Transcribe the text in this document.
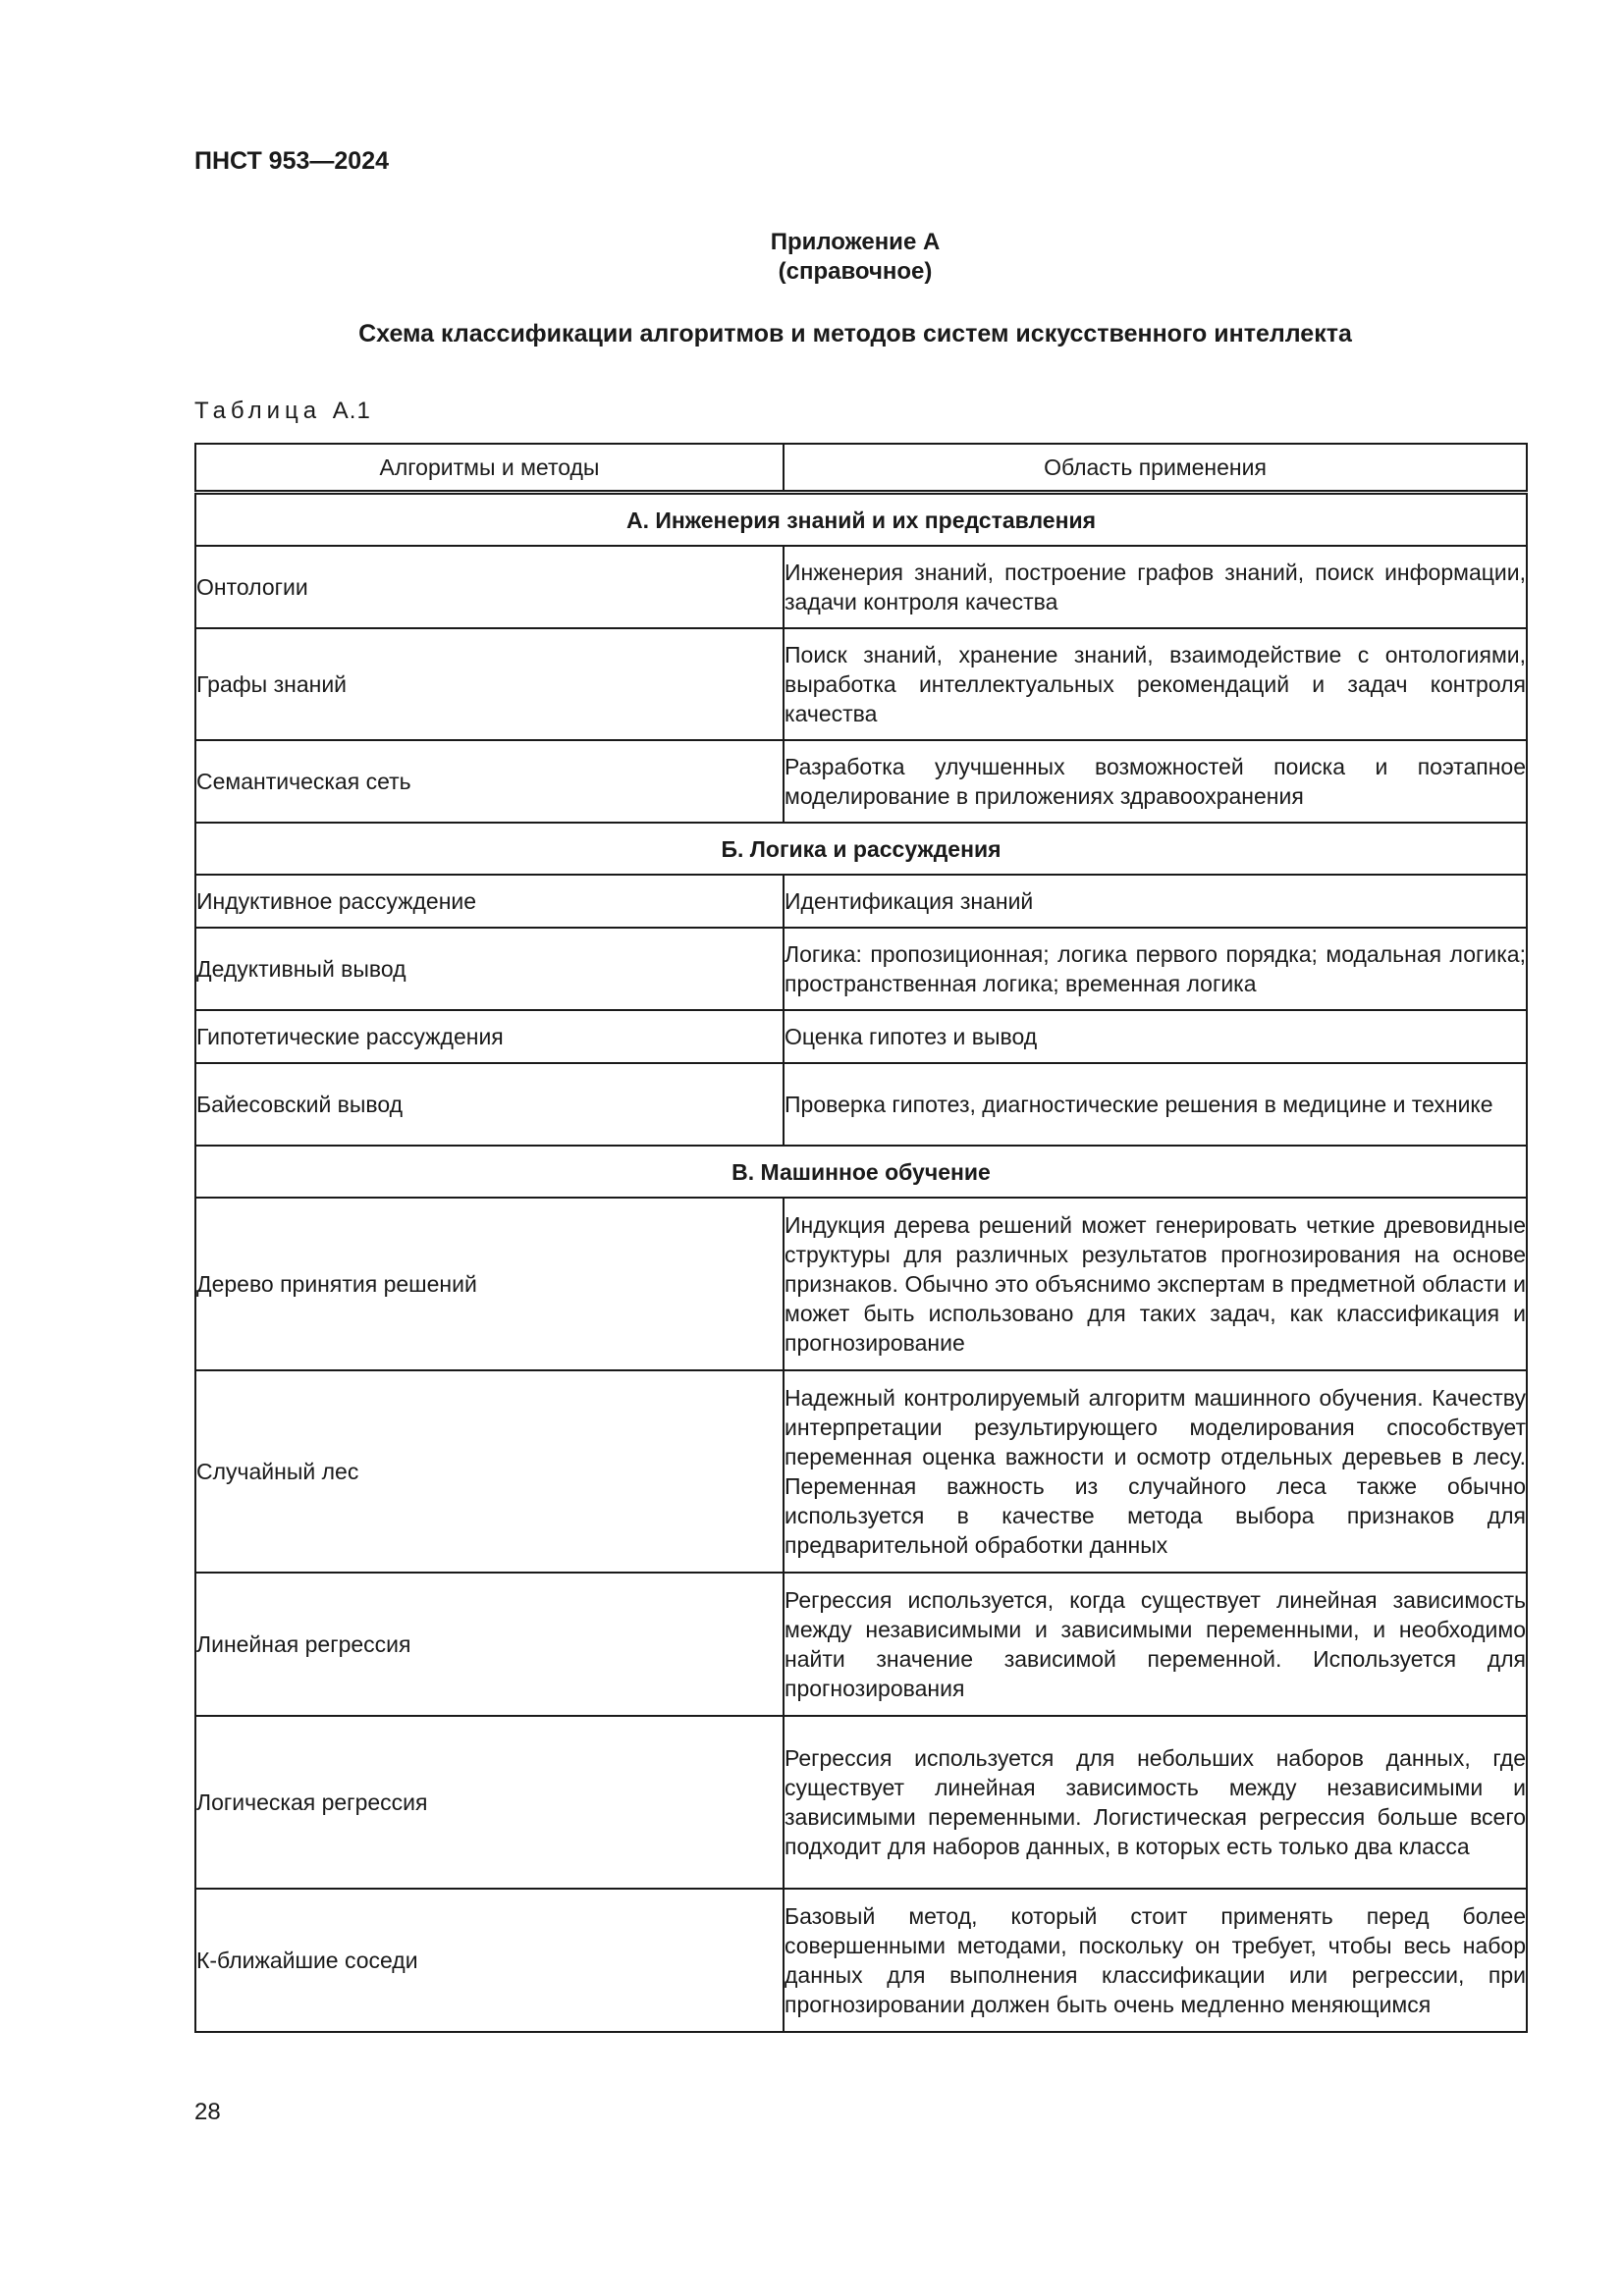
ПНСТ 953—2024
Приложение А
(справочное)
Схема классификации алгоритмов и методов систем искусственного интеллекта
Таблица А.1
Алгоритмы и методы	Область применения
А. Инженерия знаний и их представления	
Онтологии	Инженерия знаний, построение графов знаний, поиск информации, задачи контроля качества
Графы знаний	Поиск знаний, хранение знаний, взаимодействие с онтологиями, выработка интеллектуальных рекомендаций и задач контроля качества
Семантическая сеть	Разработка улучшенных возможностей поиска и поэтапное моделирование в приложениях здравоохранения
Б. Логика и рассуждения	
Индуктивное рассуждение	Идентификация знаний
Дедуктивный вывод	Логика: пропозиционная; логика первого порядка; модальная логика; пространственная логика; временная логика
Гипотетические рассуждения	Оценка гипотез и вывод
Байесовский вывод	Проверка гипотез, диагностические решения в медицине и технике
В. Машинное обучение	
Дерево принятия решений	Индукция дерева решений может генерировать четкие древовидные структуры для различных результатов прогнозирования на основе признаков. Обычно это объяснимо экспертам в предметной области и может быть использовано для таких задач, как классификация и прогнозирование
Случайный лес	Надежный контролируемый алгоритм машинного обучения. Качеству интерпретации результирующего моделирования способствует переменная оценка важности и осмотр отдельных деревьев в лесу. Переменная важность из случайного леса также обычно используется в качестве метода выбора признаков для предварительной обработки данных
Линейная регрессия	Регрессия используется, когда существует линейная зависимость между независимыми и зависимыми переменными, и необходимо найти значение зависимой переменной. Используется для прогнозирования
Логическая регрессия	Регрессия используется для небольших наборов данных, где существует линейная зависимость между независимыми и зависимыми переменными. Логистическая регрессия больше всего подходит для наборов данных, в которых есть только два класса
К-ближайшие соседи	Базовый метод, который стоит применять перед более совершенными методами, поскольку он требует, чтобы весь набор данных для выполнения классификации или регрессии, при прогнозировании должен быть очень медленно меняющимся
28
